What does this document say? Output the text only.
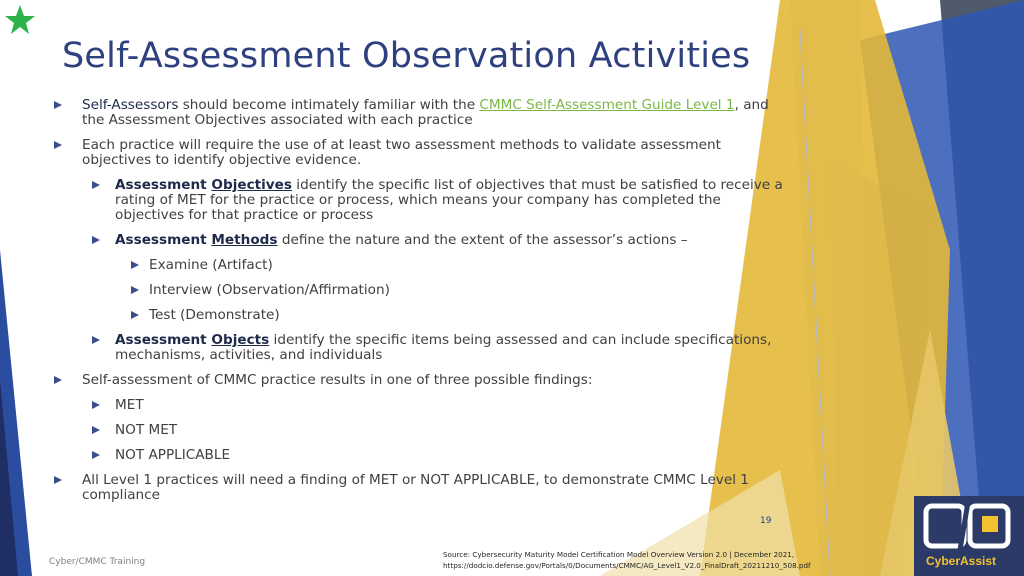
Self-Assessment Observation Activities
Self-Assessors should become intimately familiar with the CMMC Self-Assessment Guide Level 1, and the Assessment Objectives associated with each practice
Each practice will require the use of at least two assessment methods to validate assessment objectives to identify objective evidence.
Assessment Objectives identify the specific list of objectives that must be satisfied to receive a rating of MET for the practice or process, which means your company has completed the objectives for that practice or process
Assessment Methods define the nature and the extent of the assessor’s actions –
Examine (Artifact)
Interview (Observation/Affirmation)
Test (Demonstrate)
Assessment Objects identify the specific items being assessed and can include specifications, mechanisms, activities, and individuals
Self-assessment of CMMC practice results in one of three possible findings:
MET
NOT MET
NOT APPLICABLE
All Level 1 practices will need a finding of MET or NOT APPLICABLE, to demonstrate CMMC Level 1 compliance
19
Cyber/CMMC Training
Source: Cybersecurity Maturity Model Certification Model Overview Version 2.0 | December 2021,
https://dodcio.defense.gov/Portals/0/Documents/CMMC/AG_Level1_V2.0_FinalDraft_20211210_508.pdf	CyberAssist
